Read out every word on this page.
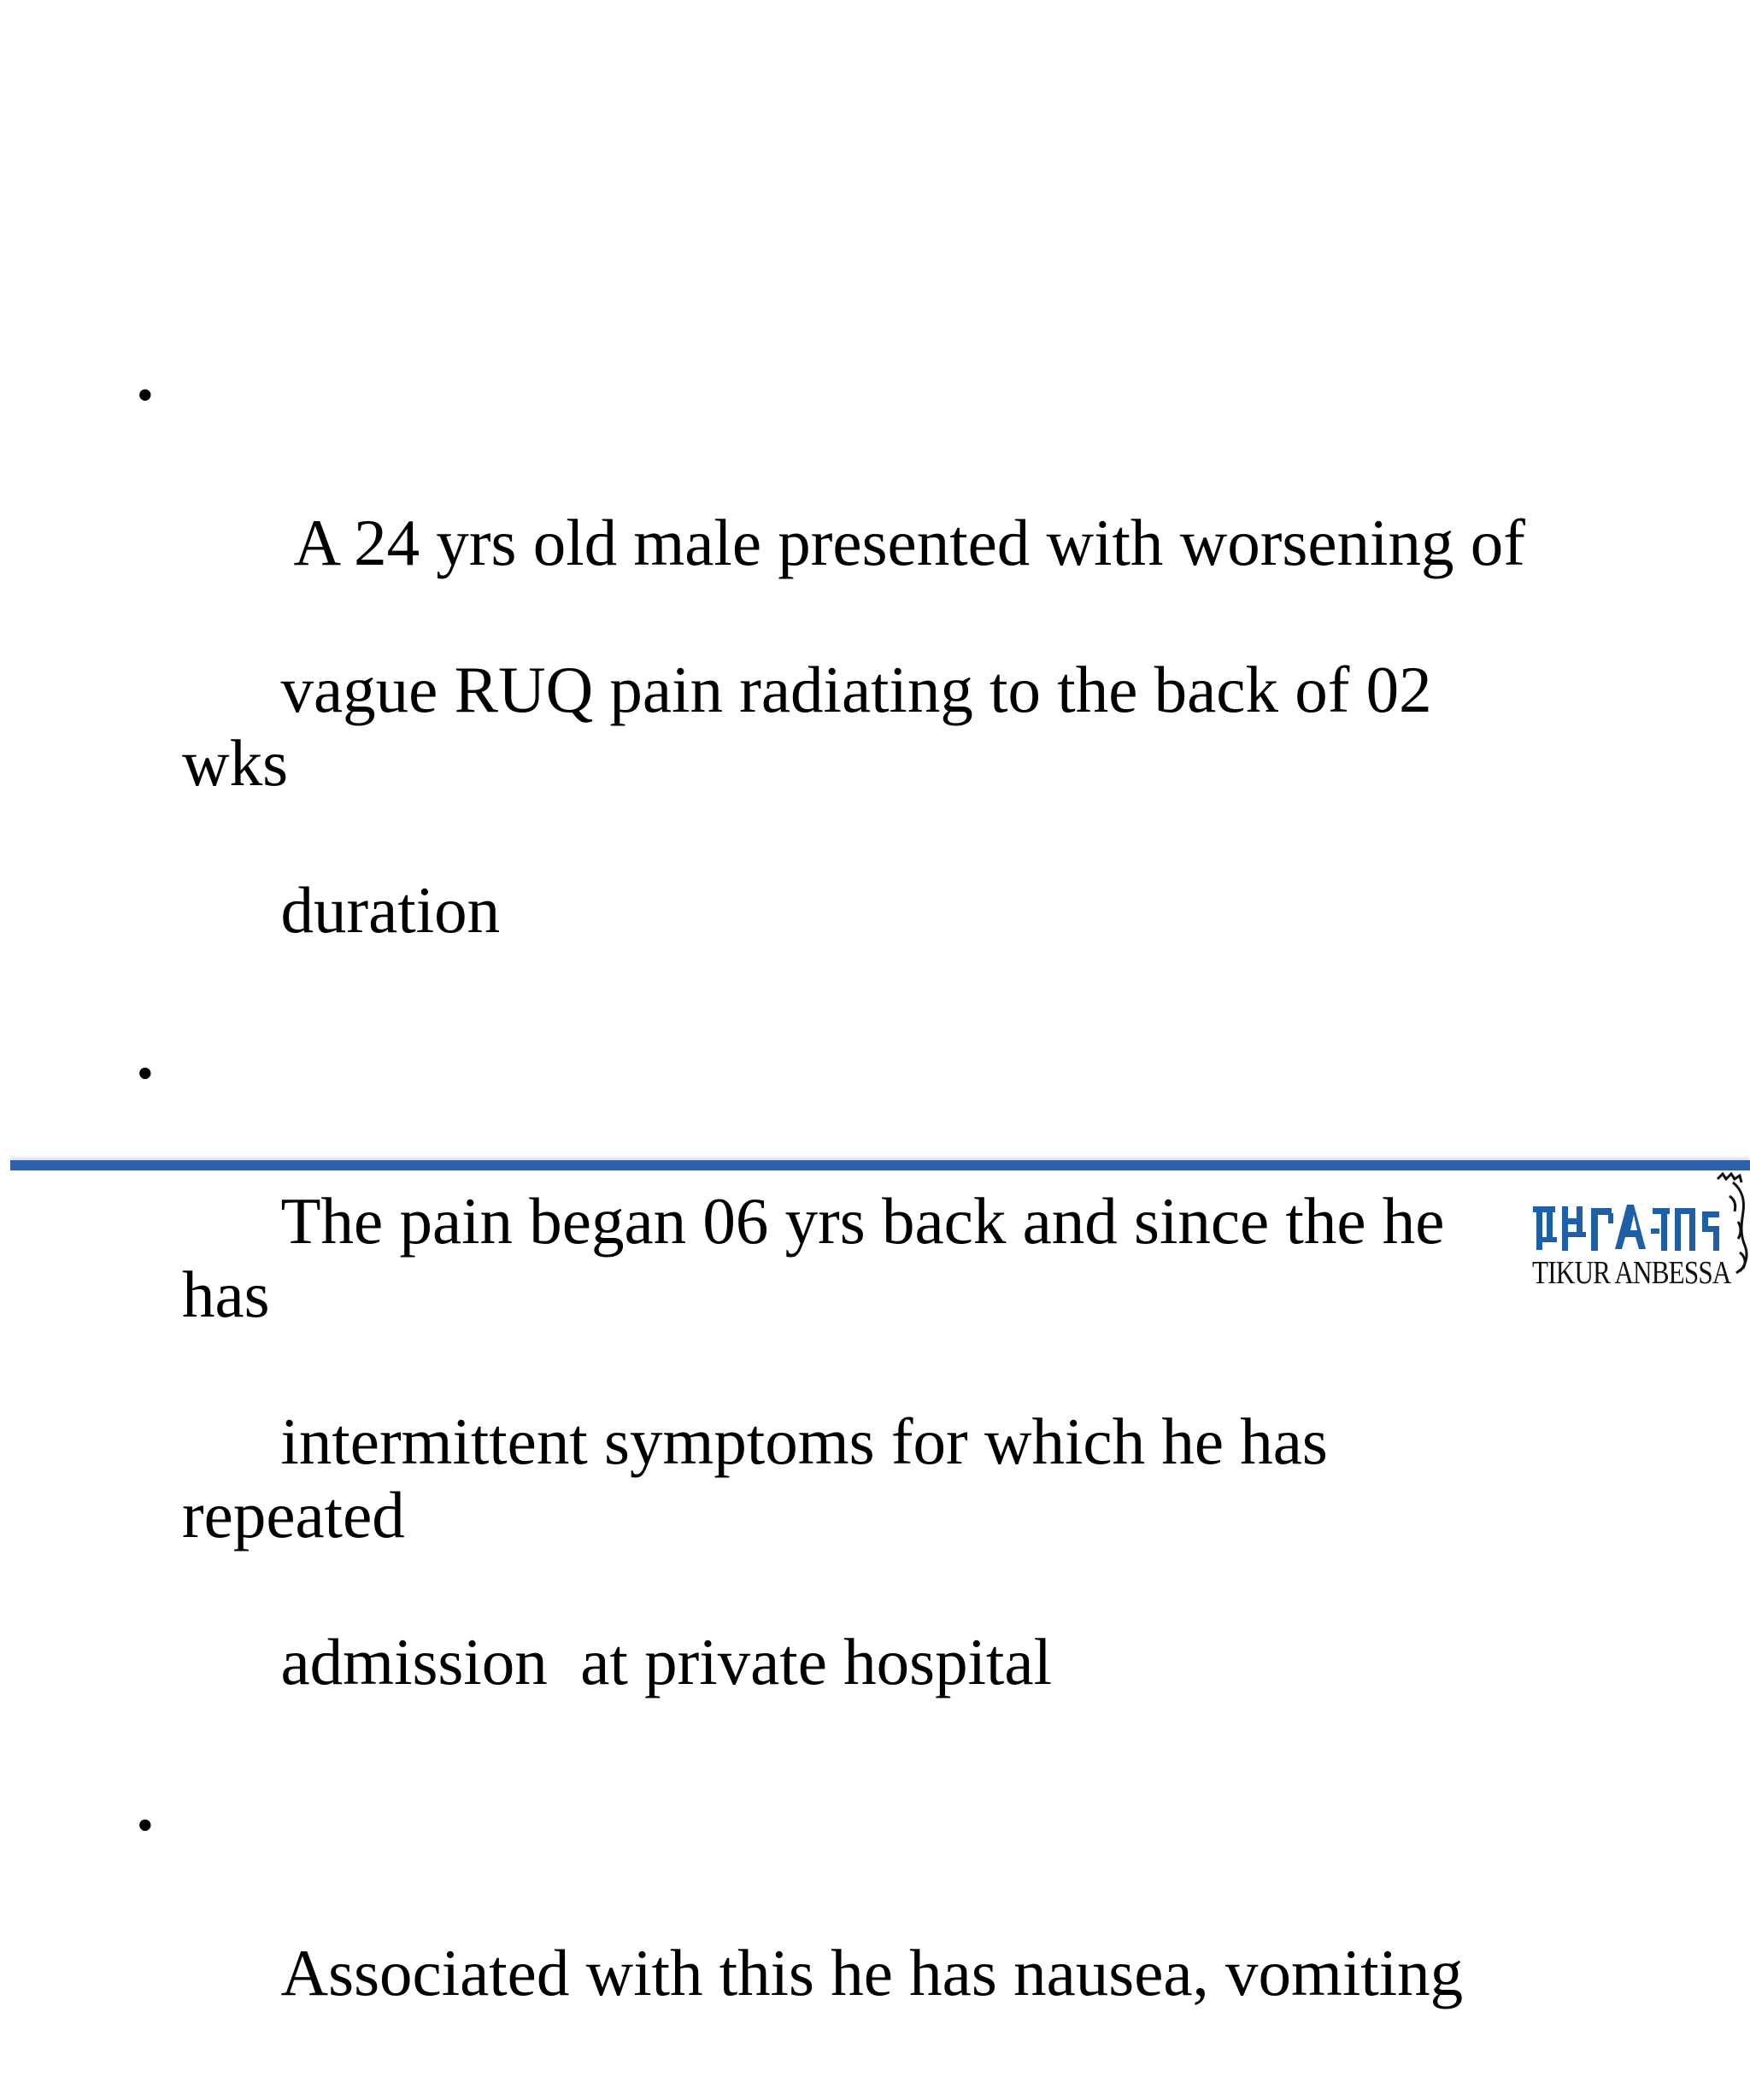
•

A 24 yrs old male presented with worsening of

vague RUQ pain radiating to the back of 02 wks

duration

•

The pain began 06 yrs back and since the he has

intermittent symptoms for which he has repeated

admission  at private hospital

•

Associated with this he has nausea, vomiting

TIKUR ANBESSA
